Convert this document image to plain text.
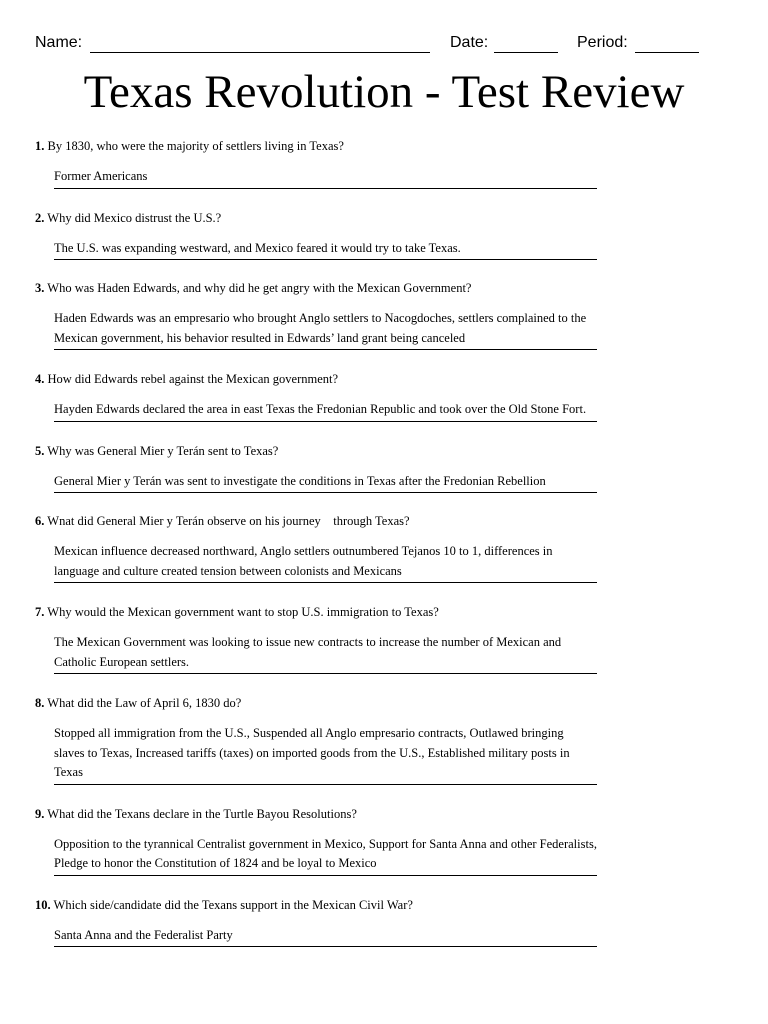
Name:	Date:	Period:
Texas Revolution - Test Review
1. By 1830, who were the majority of settlers living in Texas?
Former Americans
2. Why did Mexico distrust the U.S.?
The U.S. was expanding westward, and Mexico feared it would try to take Texas.
3. Who was Haden Edwards, and why did he get angry with the Mexican Government?
Haden Edwards was an empresario who brought Anglo settlers to Nacogdoches, settlers complained to the Mexican government, his behavior resulted in Edwards’ land grant being canceled
4. How did Edwards rebel against the Mexican government?
Hayden Edwards declared the area in east Texas the Fredonian Republic and took over the Old Stone Fort.
5. Why was General Mier y Terán sent to Texas?
General Mier y Terán was sent to investigate the conditions in Texas after the Fredonian Rebellion
6. Wnat did General Mier y Terán observe on his journey    through Texas?
Mexican influence decreased northward, Anglo settlers outnumbered Tejanos 10 to 1, differences in language and culture created tension between colonists and Mexicans
7. Why would the Mexican government want to stop U.S. immigration to Texas?
The Mexican Government was looking to issue new contracts to increase the number of Mexican and Catholic European settlers.
8. What did the Law of April 6, 1830 do?
Stopped all immigration from the U.S., Suspended all Anglo empresario contracts, Outlawed bringing slaves to Texas, Increased tariffs (taxes) on imported goods from the U.S., Established military posts in Texas
9. What did the Texans declare in the Turtle Bayou Resolutions?
Opposition to the tyrannical Centralist government in Mexico, Support for Santa Anna and other Federalists, Pledge to honor the Constitution of 1824 and be loyal to Mexico
10. Which side/candidate did the Texans support in the Mexican Civil War?
Santa Anna and the Federalist Party
